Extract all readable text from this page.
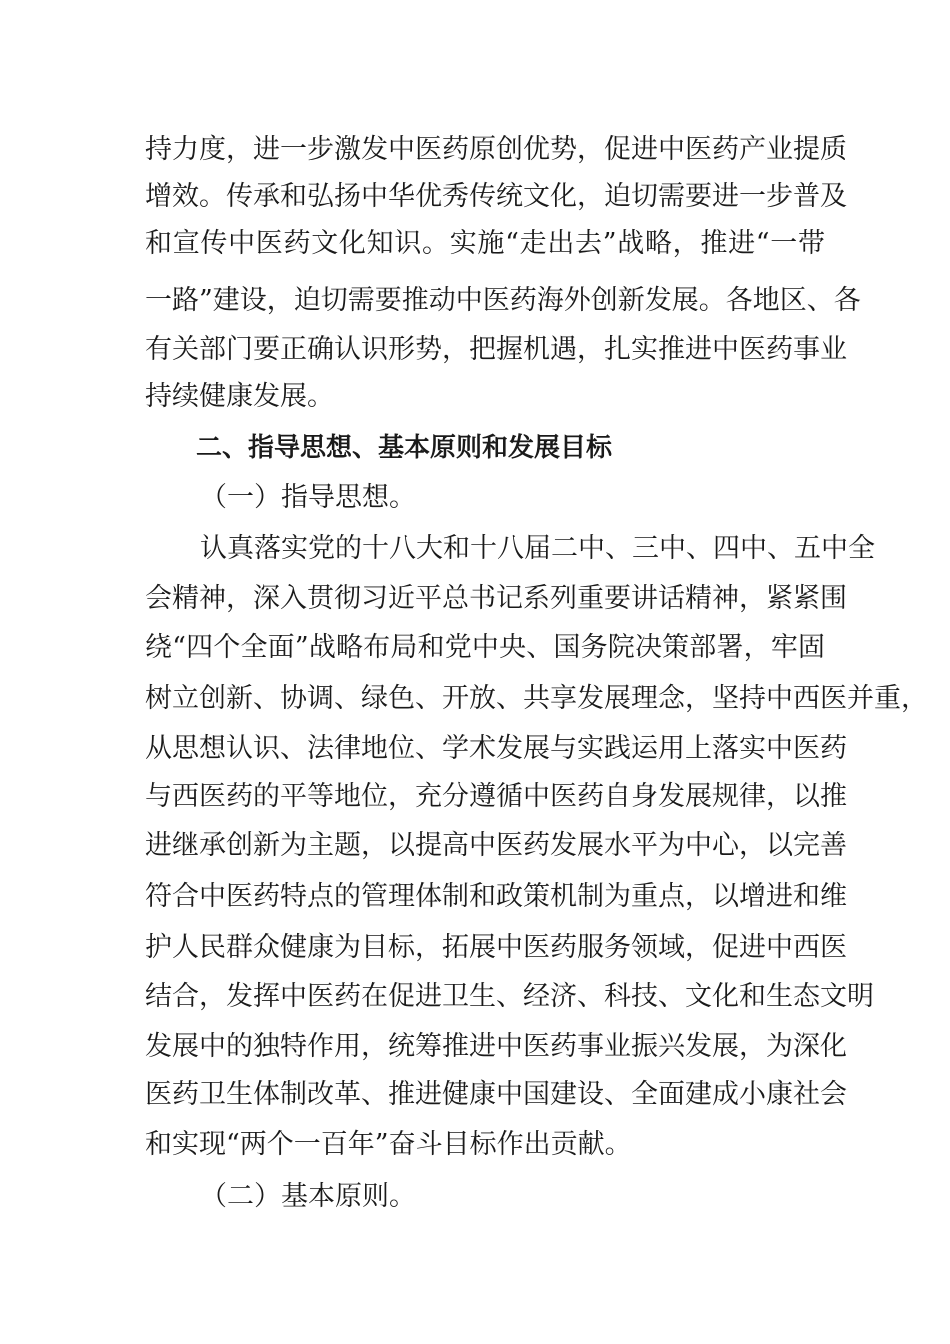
持力度，进一步激发中医药原创优势，促进中医药产业提质
增效。传承和弘扬中华优秀传统文化，迫切需要进一步普及
和宣传中医药文化知识。实施“走出去”战略，推进“一带
一路”建设，迫切需要推动中医药海外创新发展。各地区、各
有关部门要正确认识形势，把握机遇，扎实推进中医药事业
持续健康发展。
二、指导思想、基本原则和发展目标
（一）指导思想。
认真落实党的十八大和十八届二中、三中、四中、五中全
会精神，深入贯彻习近平总书记系列重要讲话精神，紧紧围
绕“四个全面”战略布局和党中央、国务院决策部署，牢固
树立创新、协调、绿色、开放、共享发展理念，坚持中西医并重，
从思想认识、法律地位、学术发展与实践运用上落实中医药
与西医药的平等地位，充分遵循中医药自身发展规律，以推
进继承创新为主题，以提高中医药发展水平为中心，以完善
符合中医药特点的管理体制和政策机制为重点，以增进和维
护人民群众健康为目标，拓展中医药服务领域，促进中西医
结合，发挥中医药在促进卫生、经济、科技、文化和生态文明
发展中的独特作用，统筹推进中医药事业振兴发展，为深化
医药卫生体制改革、推进健康中国建设、全面建成小康社会
和实现“两个一百年”奋斗目标作出贡献。
（二）基本原则。
